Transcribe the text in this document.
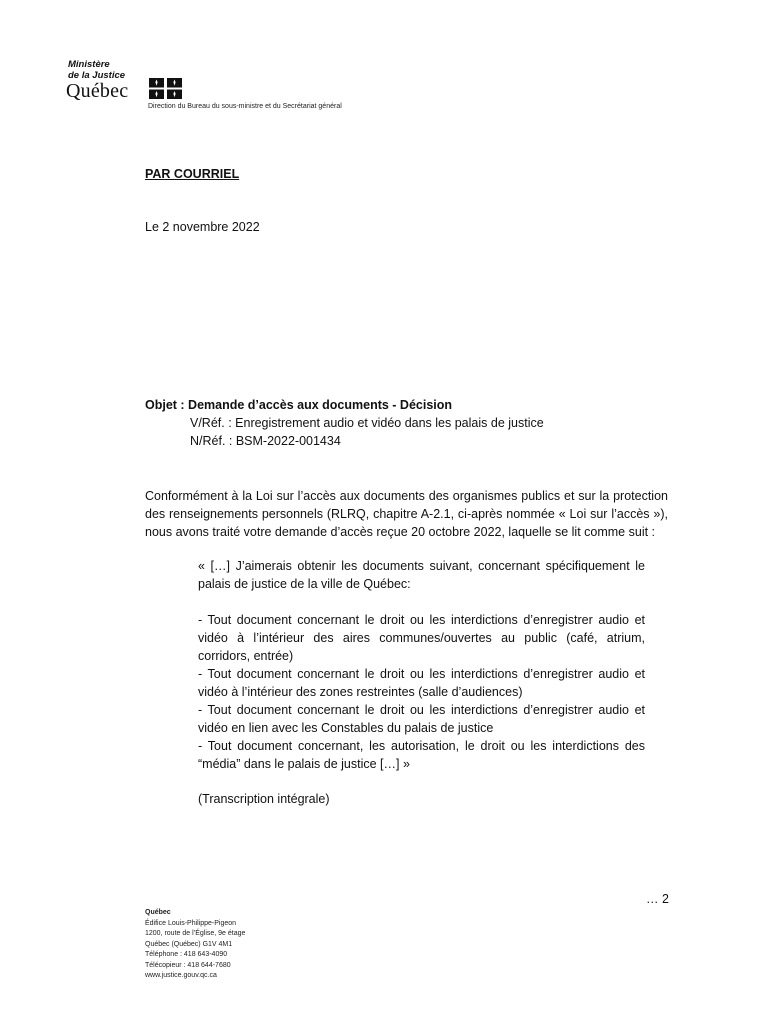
Ministère
de la Justice
Québec
Direction du Bureau du sous-ministre et du Secrétariat général
PAR COURRIEL
Le 2 novembre 2022
Objet : Demande d’accès aux documents - Décision
V/Réf. : Enregistrement audio et vidéo dans les palais de justice
N/Réf. : BSM-2022-001434
Conformément à la Loi sur l’accès aux documents des organismes publics et sur la protection des renseignements personnels (RLRQ, chapitre A-2.1, ci-après nommée « Loi sur l’accès »), nous avons traité votre demande d’accès reçue 20 octobre 2022, laquelle se lit comme suit :
« […] J’aimerais obtenir les documents suivant, concernant spécifiquement le palais de justice de la ville de Québec:

- Tout document concernant le droit ou les interdictions d’enregistrer audio et vidéo à l’intérieur des aires communes/ouvertes au public (café, atrium, corridors, entrée)

- Tout document concernant le droit ou les interdictions d’enregistrer audio et vidéo à l’intérieur des zones restreintes (salle d’audiences)

- Tout document concernant le droit ou les interdictions d’enregistrer audio et vidéo en lien avec les Constables du palais de justice

- Tout document concernant, les autorisation, le droit ou les interdictions des “média” dans le palais de justice […] »

(Transcription intégrale)
… 2
Québec
Édifice Louis-Philippe-Pigeon
1200, route de l’Église, 9e étage
Québec (Québec) G1V 4M1
Téléphone : 418 643-4090
Télécopieur : 418 644-7680
www.justice.gouv.qc.ca
